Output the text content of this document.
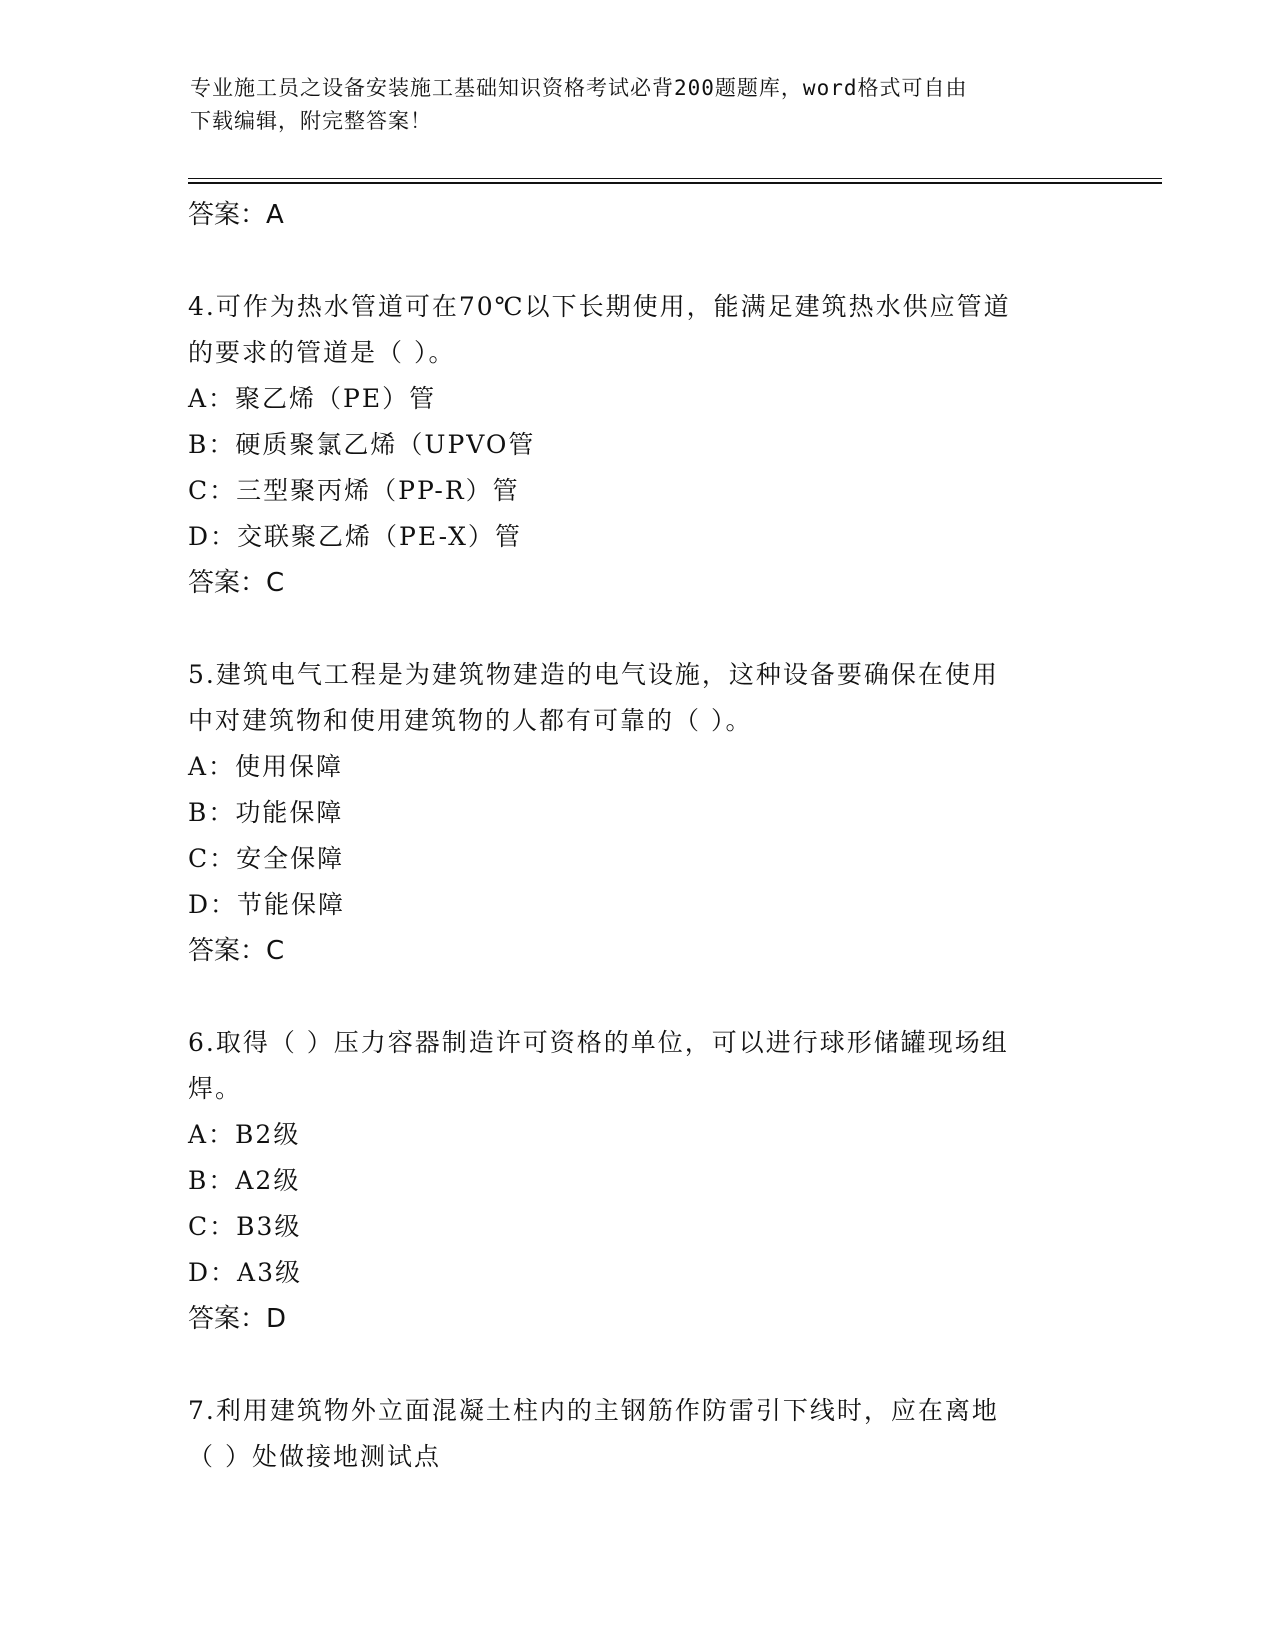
专业施工员之设备安装施工基础知识资格考试必背200题题库，word格式可自由
下载编辑，附完整答案！

答案：A

4.可作为热水管道可在70℃以下长期使用，能满足建筑热水供应管道

的要求的管道是（ ）。

A：聚乙烯（PE）管

B：硬质聚氯乙烯（UPVO管

C：三型聚丙烯（PP-R）管

D：交联聚乙烯（PE-X）管

答案：C

5.建筑电气工程是为建筑物建造的电气设施，这种设备要确保在使用

中对建筑物和使用建筑物的人都有可靠的（ ）。

A：使用保障

B：功能保障

C：安全保障

D：节能保障

答案：C

6.取得（ ）压力容器制造许可资格的单位，可以进行球形储罐现场组

焊。

A：B2级

B：A2级

C：B3级

D：A3级

答案：D

7.利用建筑物外立面混凝土柱内的主钢筋作防雷引下线时，应在离地

（ ）处做接地测试点
